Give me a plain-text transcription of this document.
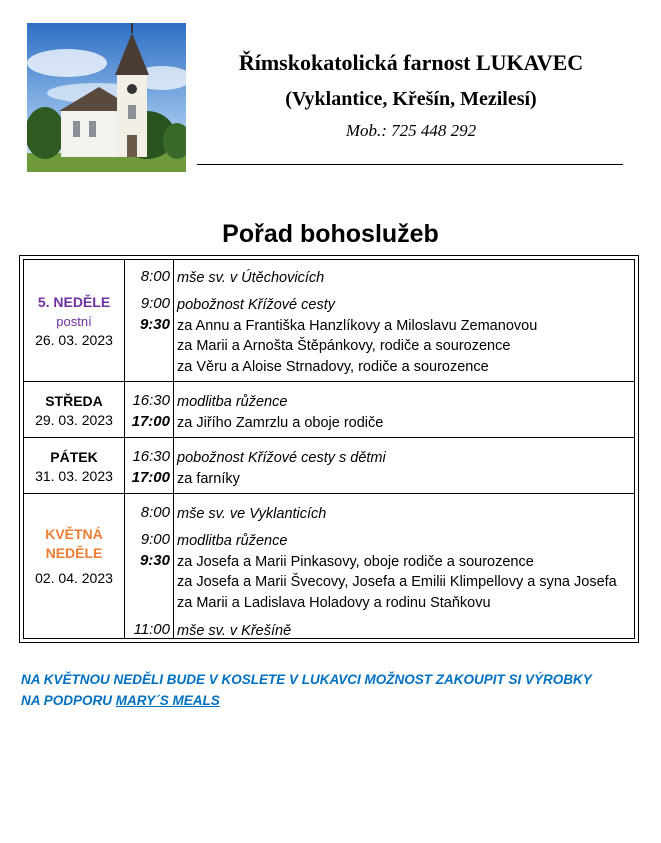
Římskokatolická farnost LUKAVEC
(Vyklantice, Křešín, Mezilesí)
Mob.: 725 448 292
Pořad bohoslužeb
5. NEDĚLE
postní
26. 03. 2023
8:00 mše sv. v Útěchovicích
9:00 pobožnost Křížové cesty
9:30 za Annu a Františka Hanzlíkovy a Miloslavu Zemanovou
za Marii a Arnošta Štěpánkovy, rodiče a sourozence
za Věru a Aloise Strnadovy, rodiče a sourozence
STŘEDA
29. 03. 2023
16:30 modlitba růžence
17:00 za Jiřího Zamrzlu a oboje rodiče
PÁTEK
31. 03. 2023
16:30 pobožnost Křížové cesty s dětmi
17:00 za farníky
KVĚTNÁ
NEDĚLE
02. 04. 2023
8:00 mše sv. ve Vyklanticích
9:00 modlitba růžence
9:30 za Josefa a Marii Pinkasovy, oboje rodiče a sourozence
za Josefa a Marii Švecovy, Josefa a Emilii Klimpellovy a syna Josefa
za Marii a Ladislava Holadovy a rodinu Staňkovu
11:00 mše sv. v Křešíně
NA KVĚTNOU NEDĚLI BUDE V KOSLETE V LUKAVCI MOŽNOST ZAKOUPIT SI VÝROBKY
NA PODPORU MARY´S MEALS
